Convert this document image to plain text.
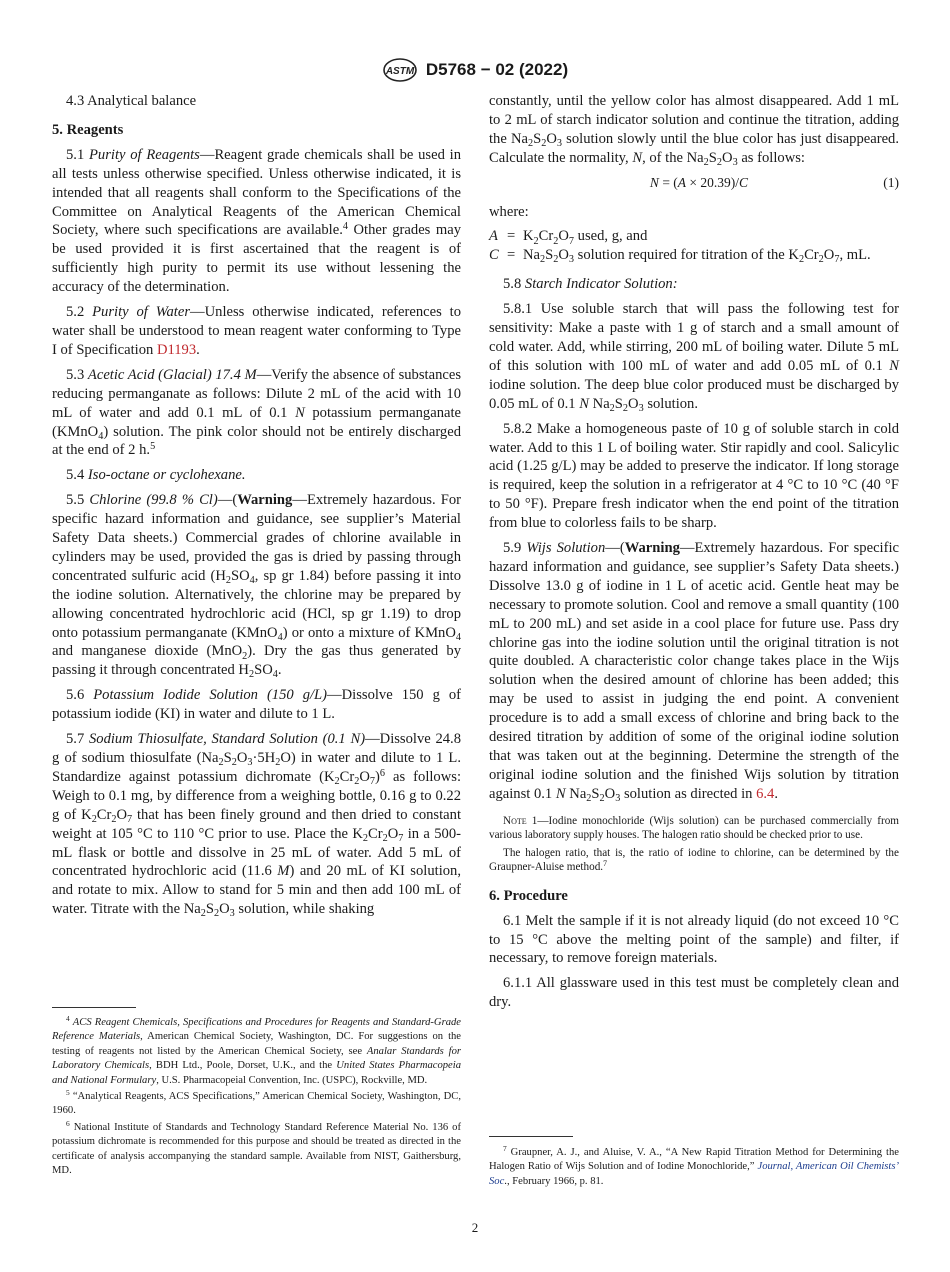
ASTM D5768 − 02 (2022)

4.3 Analytical balance

5. Reagents

5.1 Purity of Reagents—Reagent grade chemicals shall be used in all tests unless otherwise specified. Unless otherwise indicated, it is intended that all reagents shall conform to the Specifications of the Committee on Analytical Reagents of the American Chemical Society, where such specifications are available.$^4$ Other grades may be used provided it is first ascertained that the reagent is of sufficiently high purity to permit its use without lessening the accuracy of the determination.

5.2 Purity of Water—Unless otherwise indicated, references to water shall be understood to mean reagent water conforming to Type I of Specification D1193.

5.3 Acetic Acid (Glacial) 17.4 M—Verify the absence of substances reducing permanganate as follows: Dilute 2 mL of the acid with 10 mL of water and add 0.1 mL of 0.1 N potassium permanganate (KMnO$_4$) solution. The pink color should not be entirely discharged at the end of 2 h.$^5$

5.4 Iso-octane or cyclohexane.

5.5 Chlorine (99.8 % Cl)—(Warning—Extremely hazardous. For specific hazard information and guidance, see supplier’s Material Safety Data sheets.) Commercial grades of chlorine available in cylinders may be used, provided the gas is dried by passing through concentrated sulfuric acid ($H_2SO_4$, sp gr 1.84) before passing it into the iodine solution. Alternatively, the chlorine may be prepared by allowing concentrated hydrochloric acid (HCl, sp gr 1.19) to drop onto potassium permanganate (KMnO$_4$) or onto a mixture of KMnO$_4$ and manganese dioxide (MnO$_2$). Dry the gas thus generated by passing it through concentrated $H_2SO_4$.

5.6 Potassium Iodide Solution (150 g/L)—Dissolve 150 g of potassium iodide (KI) in water and dilute to 1 L.

5.7 Sodium Thiosulfate, Standard Solution (0.1 N)—Dissolve 24.8 g of sodium thiosulfate $(Na_2S_2O_3\cdot 5H_2O)$ in water and dilute to 1 L. Standardize against potassium dichromate $(K_2Cr_2O_7)^6$ as follows: Weigh to 0.1 mg, by difference from a weighing bottle, 0.16 g to 0.22 g of $K_2Cr_2O_7$ that has been finely ground and then dried to constant weight at 105 °C to 110 °C prior to use. Place the $K_2Cr_2O_7$ in a 500-mL flask or bottle and dissolve in 25 mL of water. Add 5 mL of concentrated hydrochloric acid (11.6 M) and 20 mL of KI solution, and rotate to mix. Allow to stand for 5 min and then add 100 mL of water. Titrate with the $Na_2S_2O_3$ solution, while shaking

constantly, until the yellow color has almost disappeared. Add 1 mL to 2 mL of starch indicator solution and continue the titration, adding the $Na_2S_2O_3$ solution slowly until the blue color has just disappeared. Calculate the normality, N, of the $Na_2S_2O_3$ as follows:

N = (A × 20.39)/C	(1)

where:

A	=	$K_2Cr_2O_7$ used, g, and
C	=	$Na_2S_2O_3$ solution required for titration of the $K_2Cr_2O_7$, mL.

5.8 Starch Indicator Solution:

5.8.1 Use soluble starch that will pass the following test for sensitivity: Make a paste with 1 g of starch and a small amount of cold water. Add, while stirring, 200 mL of boiling water. Dilute 5 mL of this solution with 100 mL of water and add 0.05 mL of 0.1 N iodine solution. The deep blue color produced must be discharged by 0.05 mL of 0.1 N $Na_2S_2O_3$ solution.

5.8.2 Make a homogeneous paste of 10 g of soluble starch in cold water. Add to this 1 L of boiling water. Stir rapidly and cool. Salicylic acid (1.25 g/L) may be added to preserve the indicator. If long storage is required, keep the solution in a refrigerator at 4 °C to 10 °C (40 °F to 50 °F). Prepare fresh indicator when the end point of the titration from blue to colorless fails to be sharp.

5.9 Wijs Solution—(Warning—Extremely hazardous. For specific hazard information and guidance, see supplier’s Safety Data sheets.) Dissolve 13.0 g of iodine in 1 L of acetic acid. Gentle heat may be necessary to promote solution. Cool and remove a small quantity (100 mL to 200 mL) and set aside in a cool place for future use. Pass dry chlorine gas into the iodine solution until the original titration is not quite doubled. A characteristic color change takes place in the Wijs solution when the desired amount of chlorine has been added; this may be used to assist in judging the end point. A convenient procedure is to add a small excess of chlorine and bring back to the desired titration by addition of some of the original iodine solution that was taken out at the beginning. Determine the strength of the original iodine solution and the finished Wijs solution by titration against 0.1 N $Na_2S_2O_3$ solution as directed in 6.4.

Note 1—Iodine monochloride (Wijs solution) can be purchased commercially from various laboratory supply houses. The halogen ratio should be checked prior to use.

The halogen ratio, that is, the ratio of iodine to chlorine, can be determined by the Graupner-Aluise method.$^7$

6. Procedure

6.1 Melt the sample if it is not already liquid (do not exceed 10 °C to 15 °C above the melting point of the sample) and filter, if necessary, to remove foreign materials.

6.1.1 All glassware used in this test must be completely clean and dry.

$^4$ ACS Reagent Chemicals, Specifications and Procedures for Reagents and Standard-Grade Reference Materials, American Chemical Society, Washington, DC. For suggestions on the testing of reagents not listed by the American Chemical Society, see Analar Standards for Laboratory Chemicals, BDH Ltd., Poole, Dorset, U.K., and the United States Pharmacopeia and National Formulary, U.S. Pharmacopeial Convention, Inc. (USPC), Rockville, MD.

$^5$ “Analytical Reagents, ACS Specifications,” American Chemical Society, Washington, DC, 1960.

$^6$ National Institute of Standards and Technology Standard Reference Material No. 136 of potassium dichromate is recommended for this purpose and should be treated as directed in the certificate of analysis accompanying the standard sample. Available from NIST, Gaithersburg, MD.

$^7$ Graupner, A. J., and Aluise, V. A., “A New Rapid Titration Method for Determining the Halogen Ratio of Wijs Solution and of Iodine Monochloride,” Journal, American Oil Chemists’ Soc., February 1966, p. 81.

2
